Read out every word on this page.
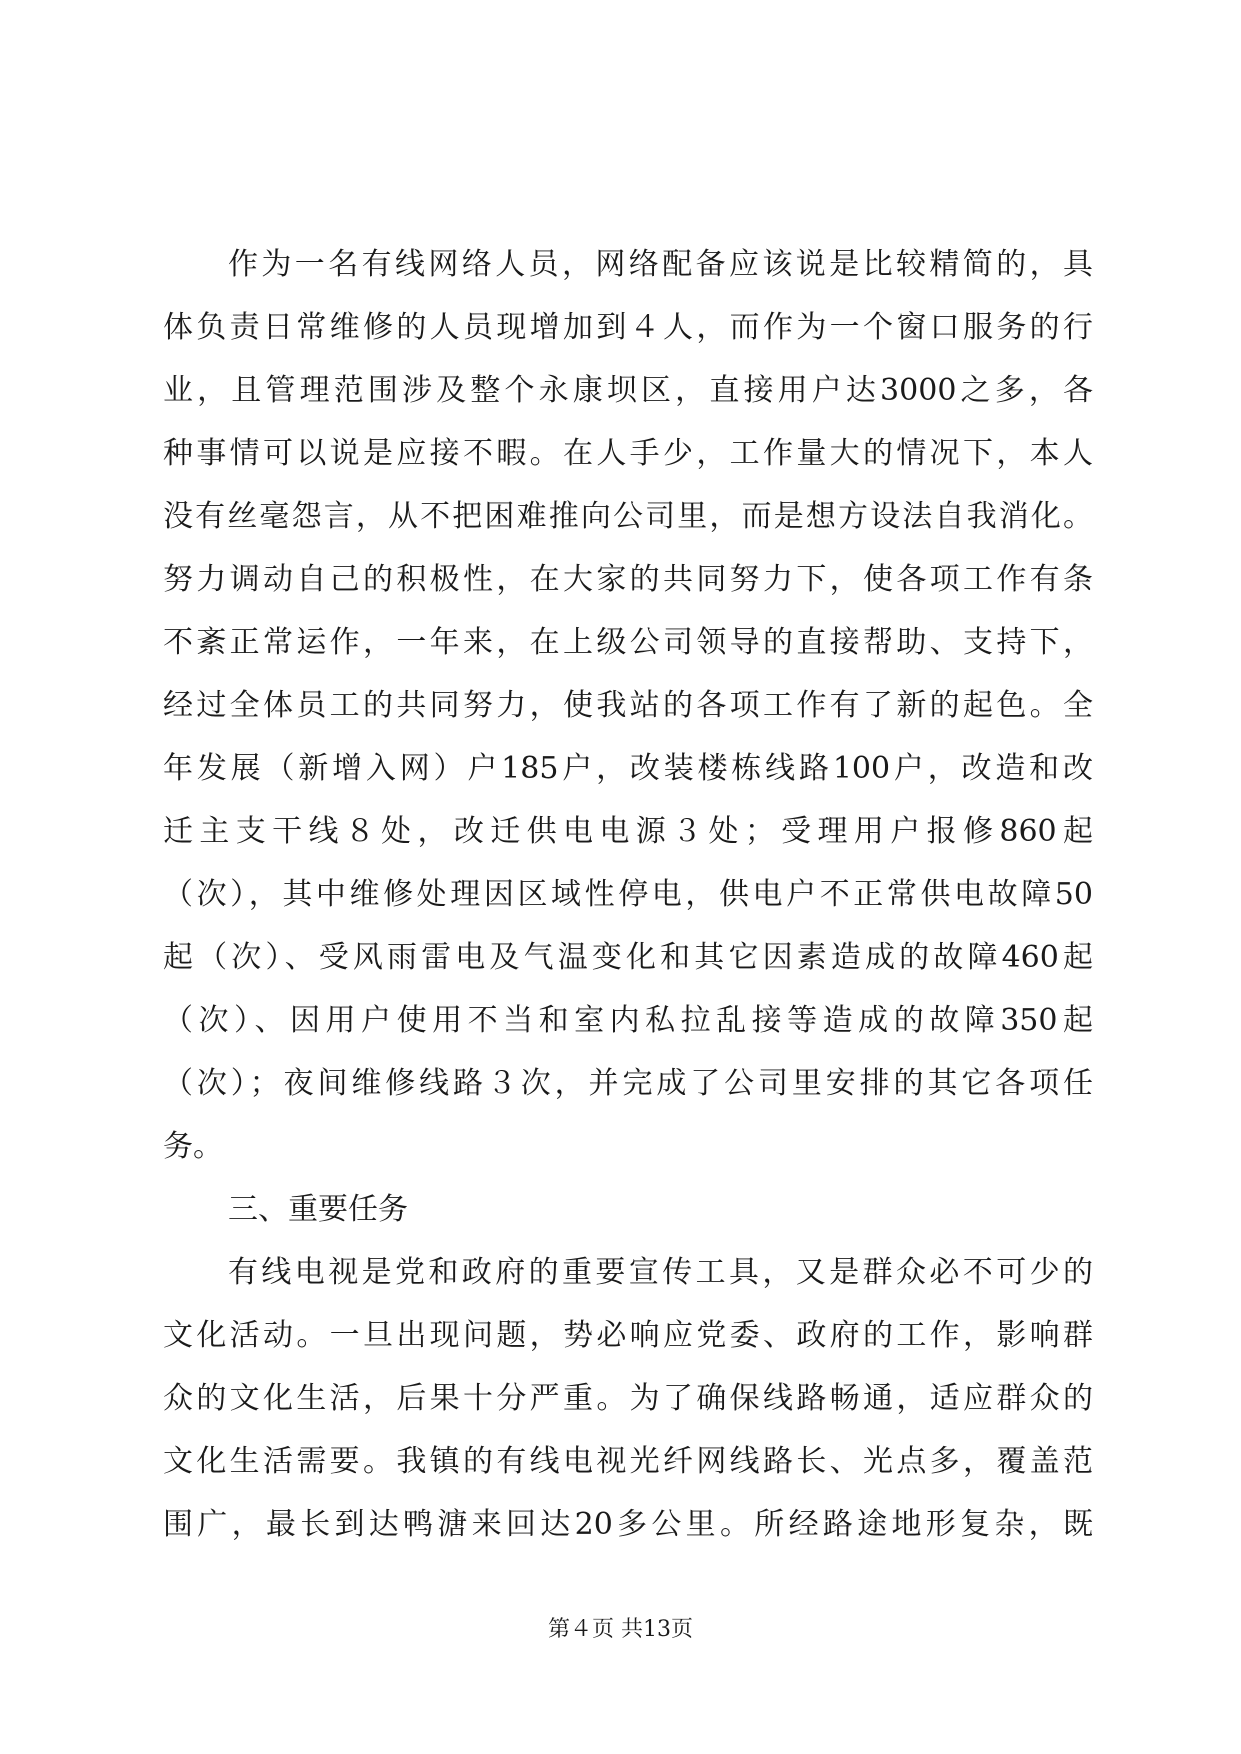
作为一名有线网络人员，网络配备应该说是比较精简的，具
体负责日常维修的人员现增加到４人，而作为一个窗口服务的行
业，且管理范围涉及整个永康坝区，直接用户达3000之多，各
种事情可以说是应接不暇。在人手少，工作量大的情况下，本人
没有丝毫怨言，从不把困难推向公司里，而是想方设法自我消化。
努力调动自己的积极性，在大家的共同努力下，使各项工作有条
不紊正常运作，一年来，在上级公司领导的直接帮助、支持下，
经过全体员工的共同努力，使我站的各项工作有了新的起色。全
年发展（新增入网）户185户，改装楼栋线路100户，改造和改
迁主支干线８处，改迁供电电源３处；受理用户报修860起
（次），其中维修处理因区域性停电，供电户不正常供电故障50
起（次）、受风雨雷电及气温变化和其它因素造成的故障460起
（次）、因用户使用不当和室内私拉乱接等造成的故障350起
（次）；夜间维修线路３次，并完成了公司里安排的其它各项任
务。
三、重要任务
有线电视是党和政府的重要宣传工具，又是群众必不可少的
文化活动。一旦出现问题，势必响应党委、政府的工作，影响群
众的文化生活，后果十分严重。为了确保线路畅通，适应群众的
文化生活需要。我镇的有线电视光纤网线路长、光点多，覆盖范
围广，最长到达鸭溏来回达20多公里。所经路途地形复杂，既
第４页 共13页
